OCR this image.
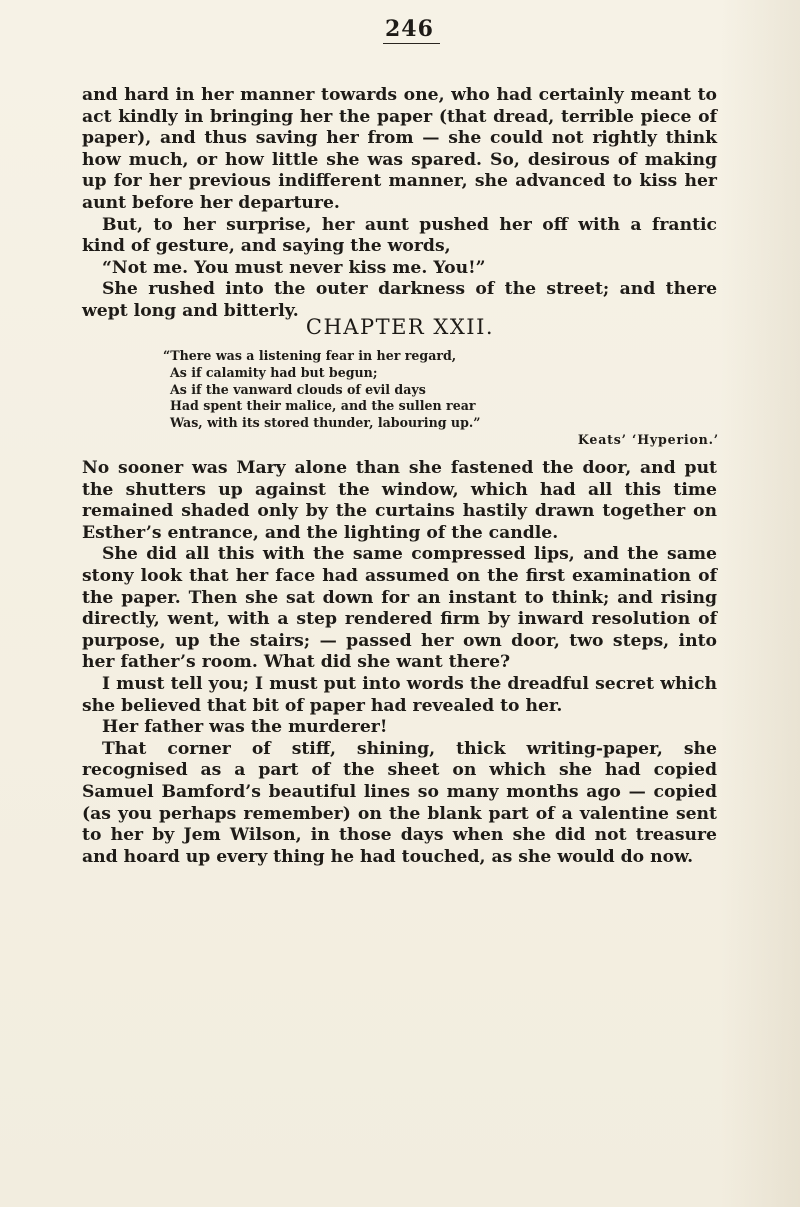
246

and hard in her manner towards one, who had certainly meant to act kindly in bringing her the paper (that dread, terrible piece of paper), and thus saving her from — she could not rightly think how much, or how little she was spared. So, desirous of making up for her previous indifferent manner, she advanced to kiss her aunt before her departure.

But, to her surprise, her aunt pushed her off with a frantic kind of gesture, and saying the words,

“Not me. You must never kiss me. You!”

She rushed into the outer darkness of the street; and there wept long and bitterly.

CHAPTER XXII.
“There was a listening fear in her regard,
As if calamity had but begun;
As if the vanward clouds of evil days
Had spent their malice, and the sullen rear
Was, with its stored thunder, labouring up.”
Keats’ ‘Hyperion.’

No sooner was Mary alone than she fastened the door, and put the shutters up against the window, which had all this time remained shaded only by the curtains hastily drawn together on Esther’s entrance, and the lighting of the candle.

She did all this with the same compressed lips, and the same stony look that her face had assumed on the first examination of the paper. Then she sat down for an instant to think; and rising directly, went, with a step rendered firm by inward resolution of purpose, up the stairs; — passed her own door, two steps, into her father’s room. What did she want there?

I must tell you; I must put into words the dreadful secret which she believed that bit of paper had revealed to her.

Her father was the murderer!

That corner of stiff, shining, thick writing-paper, she recognised as a part of the sheet on which she had copied Samuel Bamford’s beautiful lines so many months ago — copied (as you perhaps remember) on the blank part of a valentine sent to her by Jem Wilson, in those days when she did not treasure and hoard up every thing he had touched, as she would do now.
